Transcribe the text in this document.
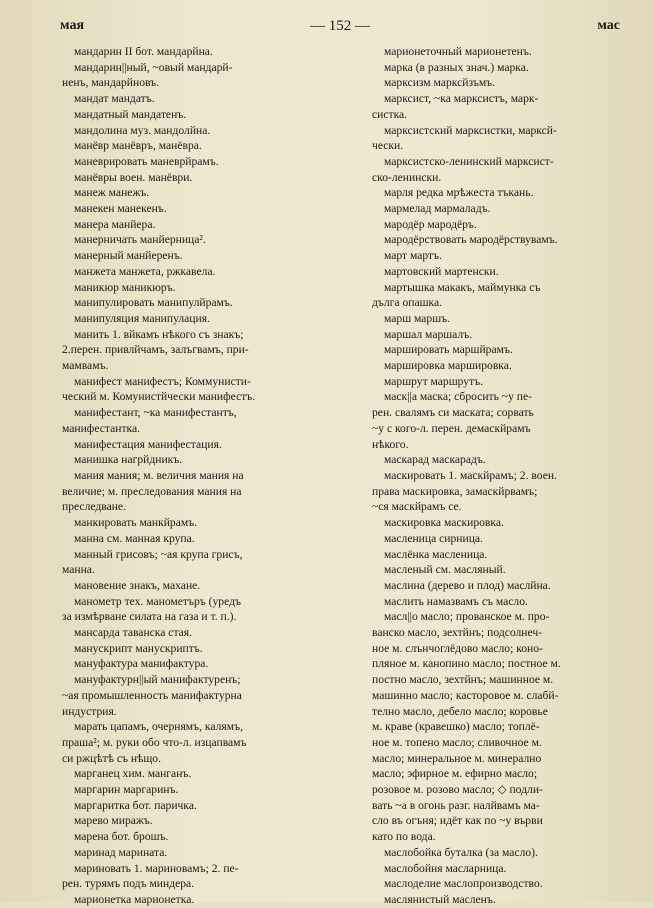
мая	— 152 —	мас
мандарин II бот. мандарйна.
мандарин||ный, ~овый мандарй-
ненъ, мандарйновъ.
мандат мандатъ.
мандатный мандатенъ.
мандолина муз. мандолйна.
манёвр манёвръ, манёвра.
маневрировать маневрйрамъ.
манёвры воен. манёври.
манеж манежъ.
манекен манекенъ.
манера манйера.
манерничать манйерница².
манерный манйеренъ.
манжета манжета, ржкавела.
маникюр маникюръ.
манипулировать манипулйрамъ.
манипуляция манипулация.
манить 1. вйкамъ нѣкого съ знакъ;
2.перен. привлйчамъ, залъгвамъ, при-
мамвамъ.
манифест манифестъ; Коммунисти-
ческий м. Комунистйчески манифестъ.
манифестант, ~ка манифестантъ,
манифестантка.
манифестация манифестация.
манишка нагрйдникъ.
мания мания; м. величия мания на
величие; м. преследования мания на
преследване.
манкировать манкйрамъ.
манна см. манная крупа.
манный грисовъ; ~ая крупа грисъ,
манна.
мановение знакъ, махане.
манометр тех. манометъръ (уредъ
за измѣрване силата на газа и т. п.).
мансарда таванска стая.
манускрипт манускриптъ.
мануфактура манифактура.
мануфактурн||ый манифактуренъ;
~ая промышленность манифактурна
индустрия.
марать цапамъ, очернямъ, калямъ,
праша²; м. руки обо что-л. изцапвамъ
си ржцѣтѣ съ нѣщо.
марганец хим. манганъ.
маргарин маргаринъ.
маргаритка бот. паричка.
марево миражъ.
марена бот. брошъ.
маринад марината.
мариновать 1. мариновамъ; 2. пе-
рен. турямъ подъ миндера.
марионетка марионетка.
марионеточный марионетенъ.
марка (в разных знач.) марка.
марксизм марксйзъмъ.
марксист, ~ка марксистъ, марк-
систка.
марксистский марксистки, марксй-
чески.
марксистско-ленинский марксист-
ско-ленински.
марля редка мрѣжеста тъкань.
мармелад мармаладъ.
мародёр мародёръ.
мародёрствовать мародёрствувамъ.
март мартъ.
мартовский мартенски.
мартышка макакъ, маймунка съ
дълга опашка.
марш маршъ.
маршал маршалъ.
маршировать маршйрамъ.
маршировка маршировка.
маршрут маршрутъ.
маск||а маска; сбросить ~у пе-
рен. свалямъ си маската; сорвать
~у с кого-л. перен. демаскйрамъ
нѣкого.
маскарад маскарадъ.
маскировать 1. маскйрамъ; 2. воен.
права маскировка, замаскйрвамъ;
~ся маскйрамъ се.
маскировка маскировка.
масленица сирница.
маслёнка масленица.
масленый см. масляный.
маслина (дерево и плод) маслйна.
маслить намазвамъ съ масло.
масл||о масло; прованское м. про-
ванско масло, зехтйнъ; подсолнеч-
ное м. слънчоглёдово масло; коно-
пляное м. канопино масло; постное м.
постно масло, зехтйнъ; машинное м.
машинно масло; касторовое м. слабй-
телно масло, дебело масло; коровье
м. краве (кравешко) масло; топлё-
ное м. топено масло; сливочное м.
масло; минеральное м. минерално
масло; эфирное м. ефирно масло;
розовое м. розово масло; ◇ подли-
вать ~а в огонь разг. налйвамъ ма-
сло въ огъня; идёт как по ~у върви
като по вода.
маслобойка буталка (за масло).
маслобойня масларница.
маслоделие маслопроизводство.
маслянистый масленъ.
